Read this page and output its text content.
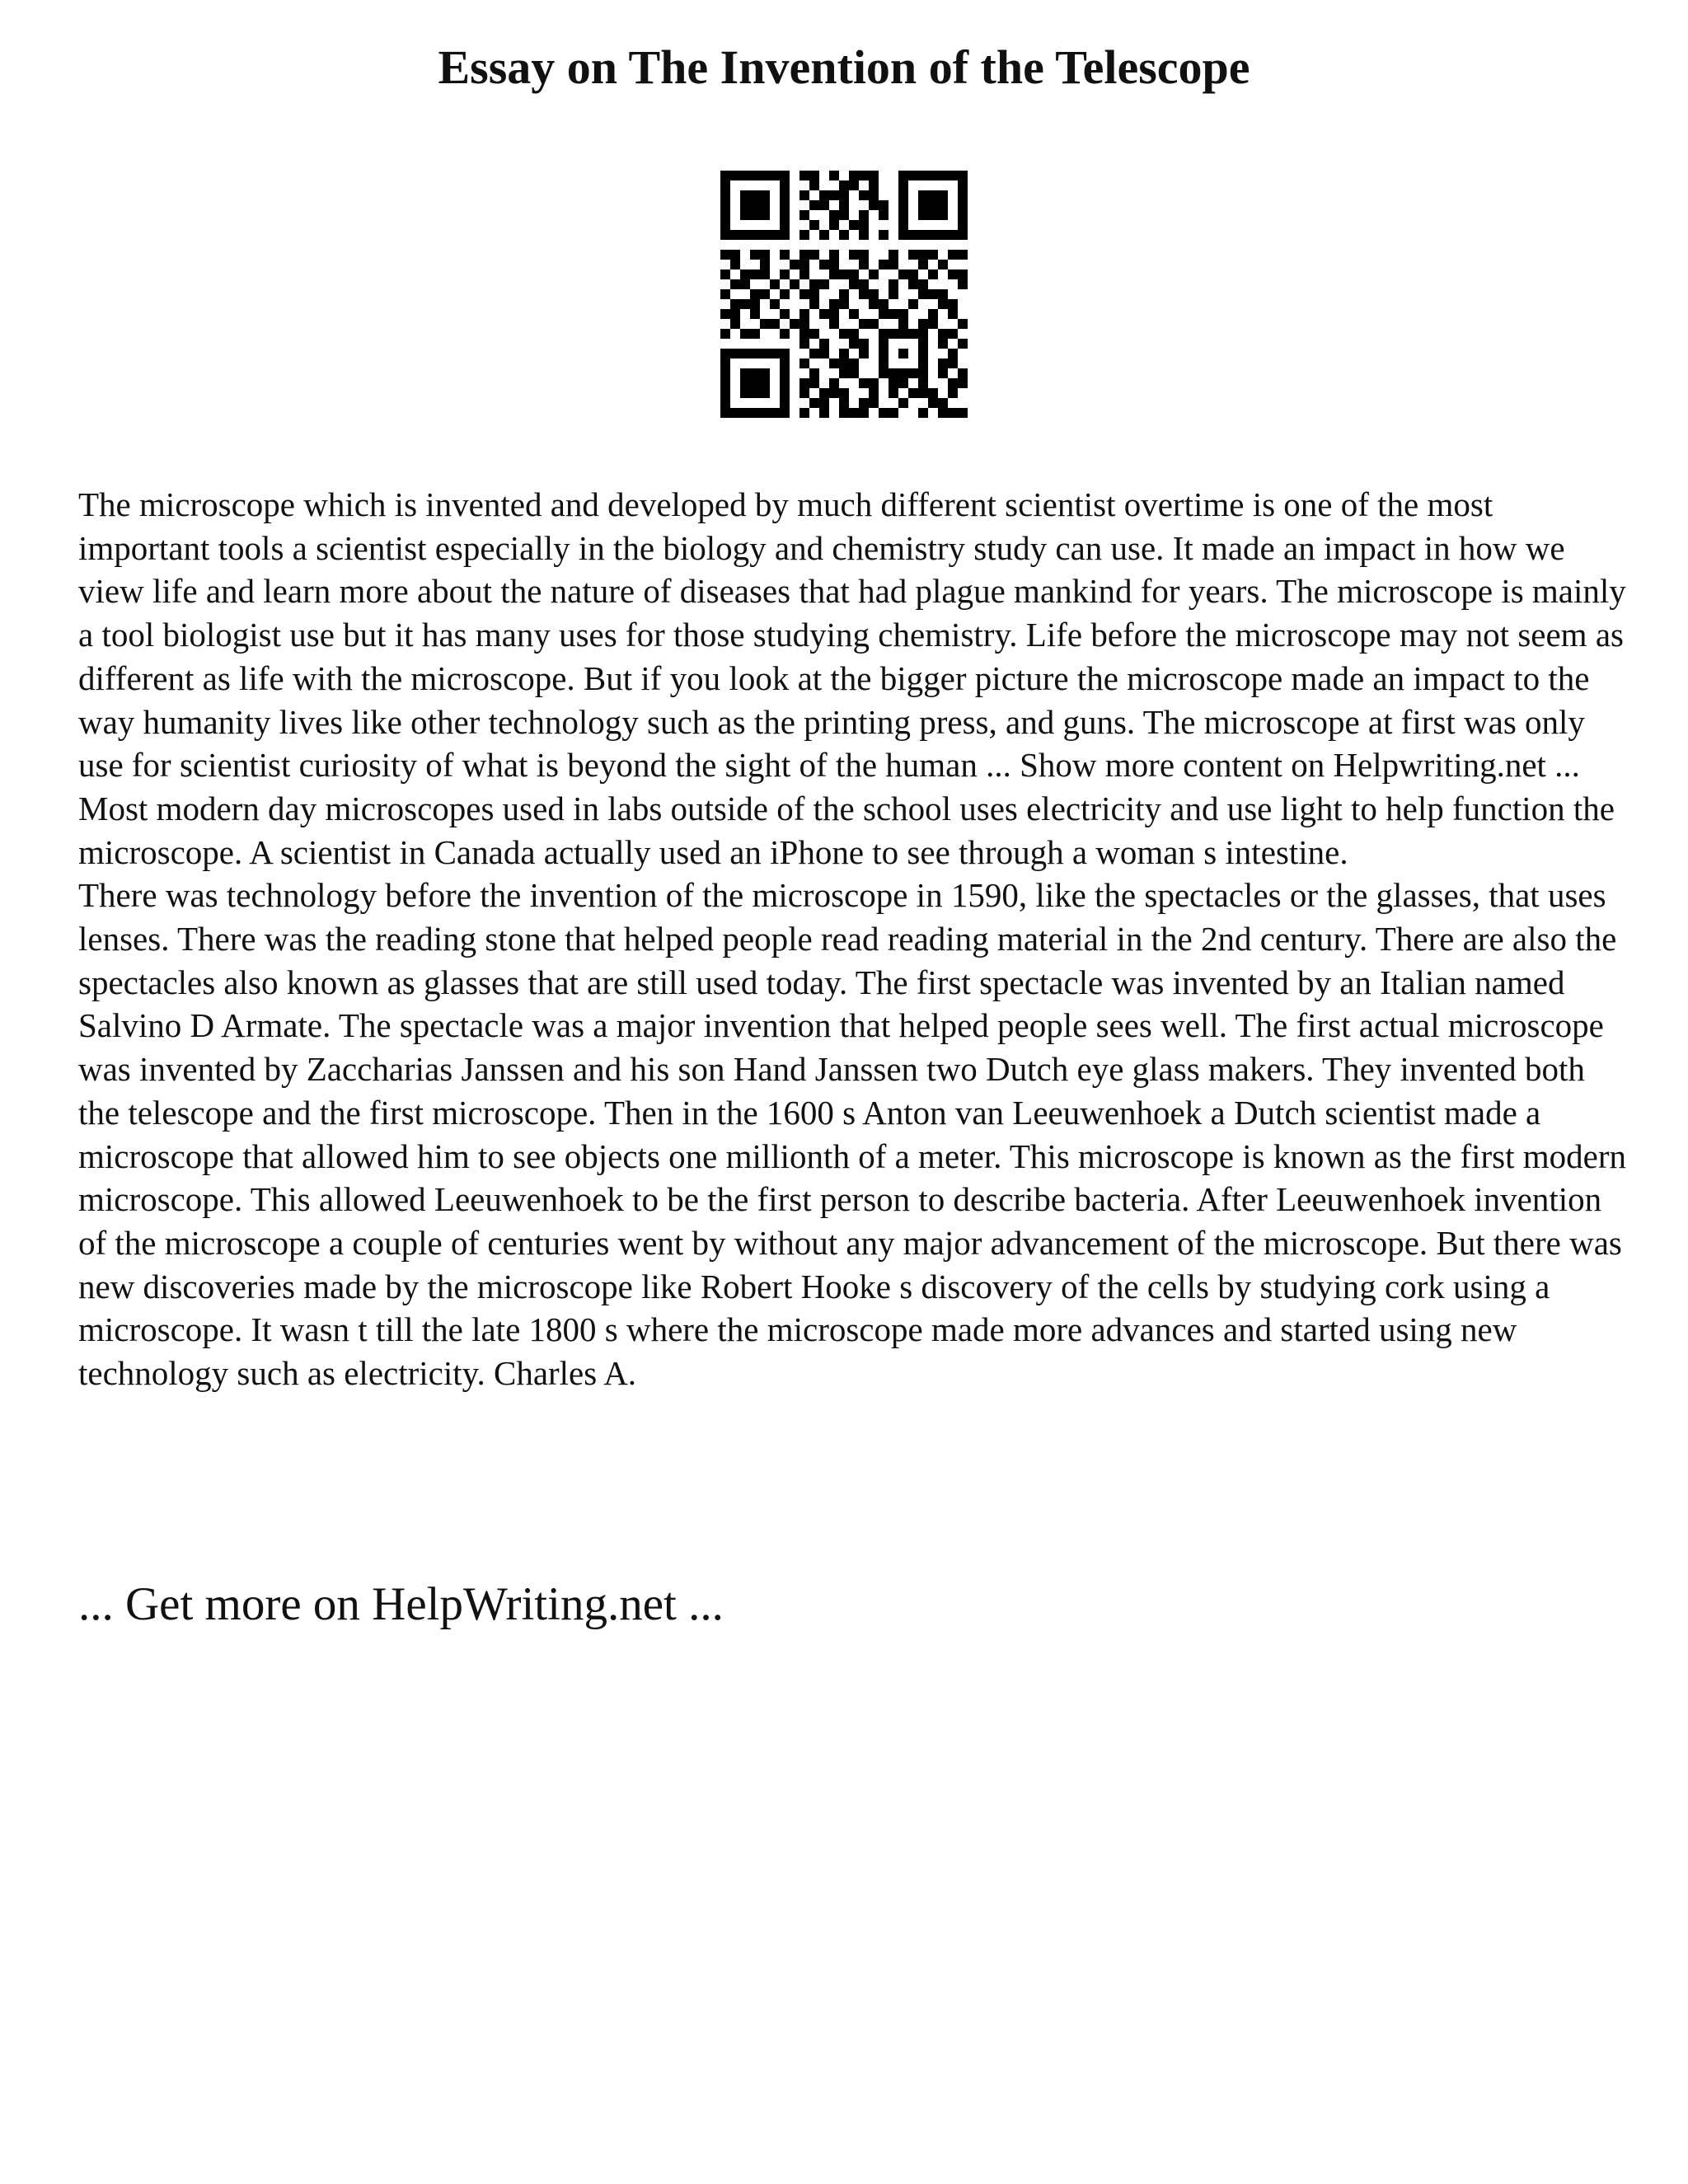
Essay on The Invention of the Telescope

The microscope which is invented and developed by much different scientist overtime is one of the most important tools a scientist especially in the biology and chemistry study can use. It made an impact in how we view life and learn more about the nature of diseases that had plague mankind for years. The microscope is mainly a tool biologist use but it has many uses for those studying chemistry. Life before the microscope may not seem as different as life with the microscope. But if you look at the bigger picture the microscope made an impact to the way humanity lives like other technology such as the printing press, and guns. The microscope at first was only use for scientist curiosity of what is beyond the sight of the human ... Show more content on Helpwriting.net ...

Most modern day microscopes used in labs outside of the school uses electricity and use light to help function the microscope. A scientist in Canada actually used an iPhone to see through a woman s intestine.

There was technology before the invention of the microscope in 1590, like the spectacles or the glasses, that uses lenses. There was the reading stone that helped people read reading material in the 2nd century. There are also the spectacles also known as glasses that are still used today. The first spectacle was invented by an Italian named Salvino D Armate. The spectacle was a major invention that helped people sees well. The first actual microscope was invented by Zaccharias Janssen and his son Hand Janssen two Dutch eye glass makers. They invented both the telescope and the first microscope. Then in the 1600 s Anton van Leeuwenhoek a Dutch scientist made a microscope that allowed him to see objects one millionth of a meter. This microscope is known as the first modern microscope. This allowed Leeuwenhoek to be the first person to describe bacteria. After Leeuwenhoek invention of the microscope a couple of centuries went by without any major advancement of the microscope. But there was new discoveries made by the microscope like Robert Hooke s discovery of the cells by studying cork using a microscope. It wasn t till the late 1800 s where the microscope made more advances and started using new technology such as electricity. Charles A.

... Get more on HelpWriting.net ...
